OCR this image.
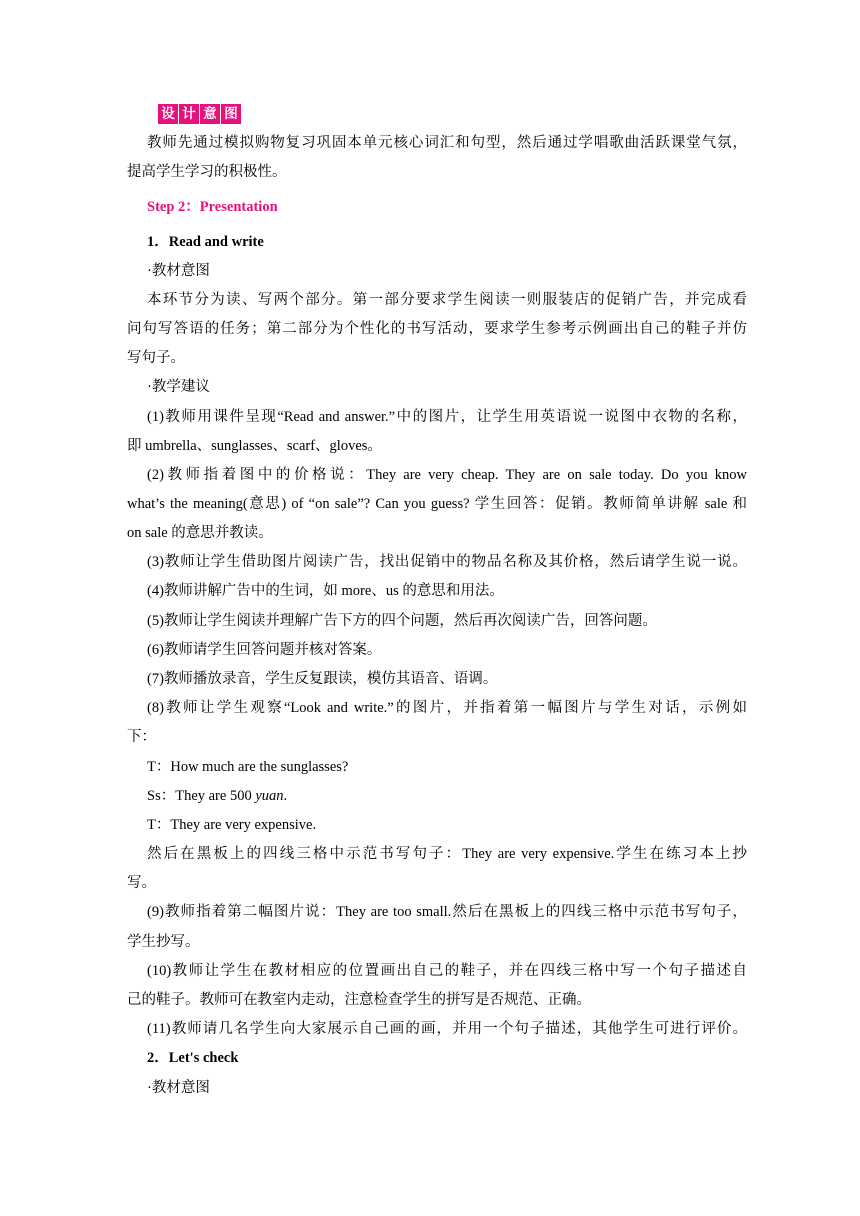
设 计 意 图
教师先通过模拟购物复习巩固本单元核心词汇和句型，然后通过学唱歌曲活跃课堂气氛，
提高学生学习的积极性。
Step 2：Presentation
1．Read and write
·教材意图
本环节分为读、写两个部分。第一部分要求学生阅读一则服装店的促销广告，并完成看
问句写答语的任务；第二部分为个性化的书写活动，要求学生参考示例画出自己的鞋子并仿
写句子。
·教学建议
(1)教师用课件呈现“Read and answer.”中的图片，让学生用英语说一说图中衣物的名称，
即 umbrella、sunglasses、scarf、gloves。
(2)教师指着图中的价格说：They are very cheap. They are on sale today. Do you know
what’s the meaning(意思) of “on sale”? Can you guess? 学生回答：促销。教师简单讲解 sale 和
on sale 的意思并教读。
(3)教师让学生借助图片阅读广告，找出促销中的物品名称及其价格，然后请学生说一说。
(4)教师讲解广告中的生词，如 more、us 的意思和用法。
(5)教师让学生阅读并理解广告下方的四个问题，然后再次阅读广告，回答问题。
(6)教师请学生回答问题并核对答案。
(7)教师播放录音，学生反复跟读，模仿其语音、语调。
(8)教师让学生观察“Look and write.”的图片，并指着第一幅图片与学生对话，示例如
下：
T：How much are the sunglasses?
Ss：They are 500 yuan.
T：They are very expensive.
然后在黑板上的四线三格中示范书写句子：They are very expensive.学生在练习本上抄
写。
(9)教师指着第二幅图片说：They are too small.然后在黑板上的四线三格中示范书写句子，
学生抄写。
(10)教师让学生在教材相应的位置画出自己的鞋子，并在四线三格中写一个句子描述自
己的鞋子。教师可在教室内走动，注意检查学生的拼写是否规范、正确。
(11)教师请几名学生向大家展示自己画的画，并用一个句子描述，其他学生可进行评价。
2．Let's check
·教材意图
